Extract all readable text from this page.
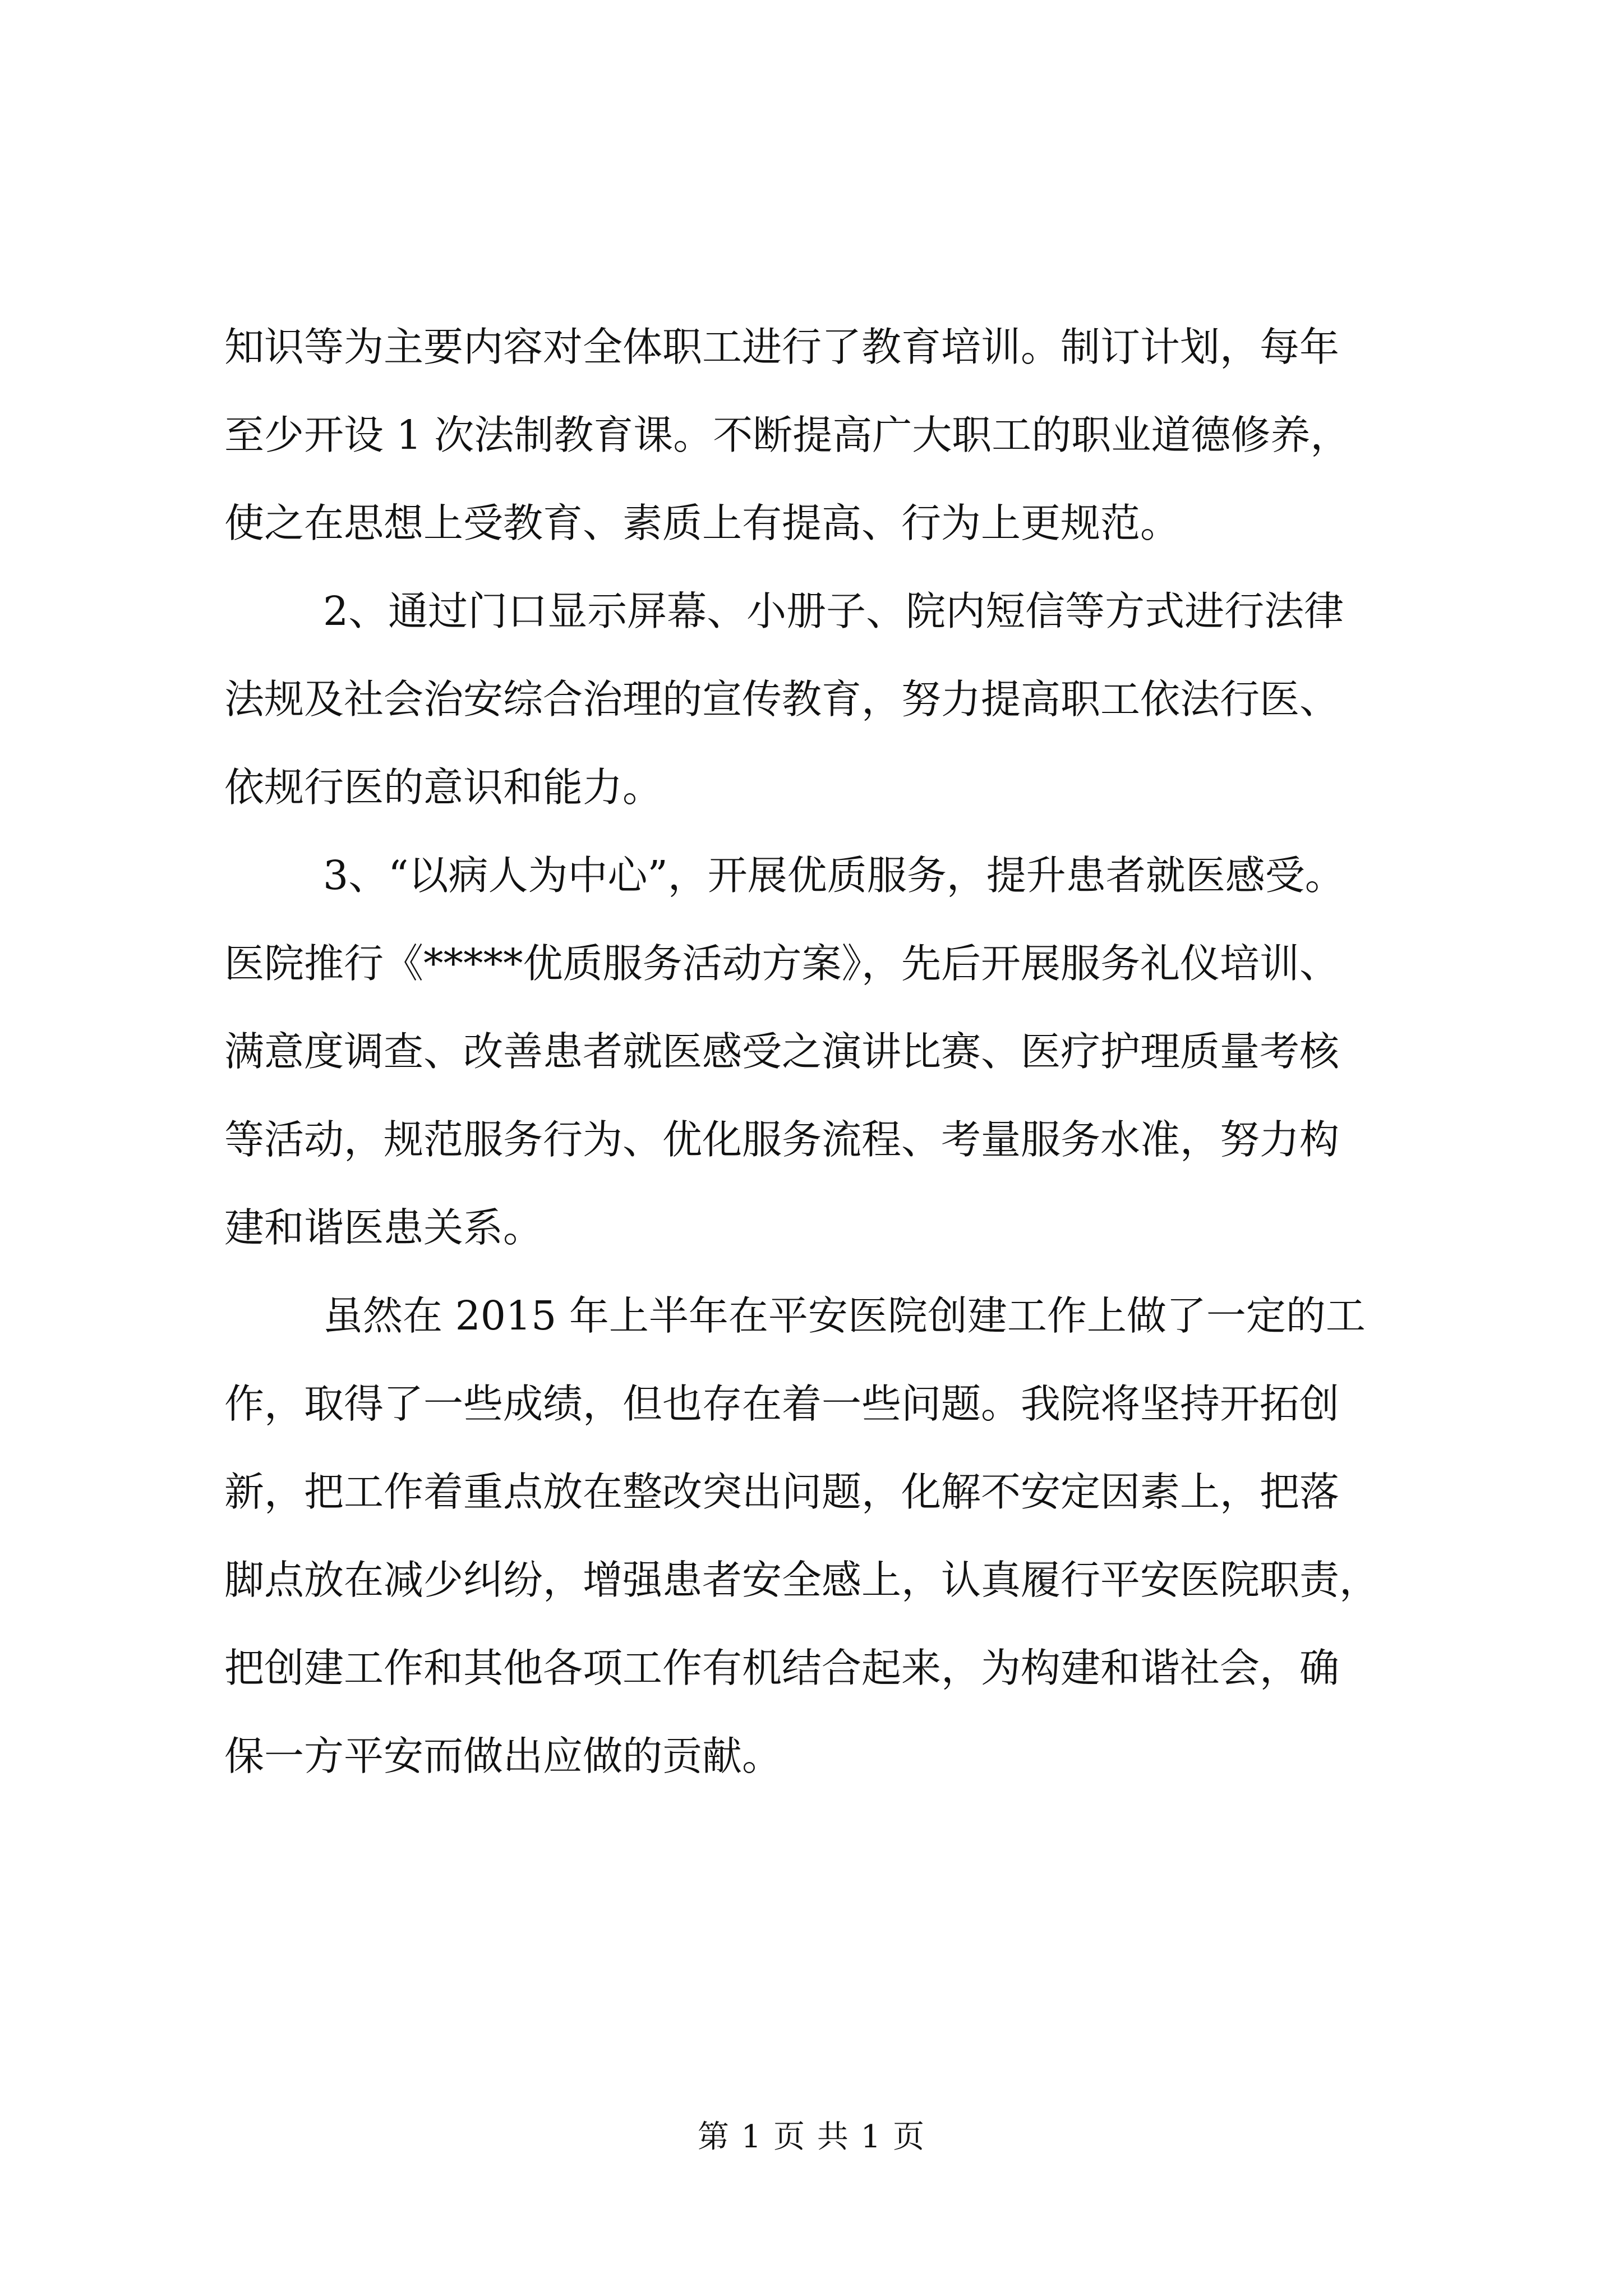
知识等为主要内容对全体职工进行了教育培训。制订计划，每年
至少开设 1 次法制教育课。不断提高广大职工的职业道德修养，
使之在思想上受教育、素质上有提高、行为上更规范。
2、通过门口显示屏幕、小册子、院内短信等方式进行法律
法规及社会治安综合治理的宣传教育，努力提高职工依法行医、
依规行医的意识和能力。
3、“以病人为中心”，开展优质服务，提升患者就医感受。
医院推行《*****优质服务活动方案》，先后开展服务礼仪培训、
满意度调查、改善患者就医感受之演讲比赛、医疗护理质量考核
等活动，规范服务行为、优化服务流程、考量服务水准，努力构
建和谐医患关系。
虽然在 2015 年上半年在平安医院创建工作上做了一定的工
作，取得了一些成绩，但也存在着一些问题。我院将坚持开拓创
新，把工作着重点放在整改突出问题，化解不安定因素上，把落
脚点放在减少纠纷，增强患者安全感上，认真履行平安医院职责，
把创建工作和其他各项工作有机结合起来，为构建和谐社会，确
保一方平安而做出应做的贡献。
第 1 页 共 1 页
